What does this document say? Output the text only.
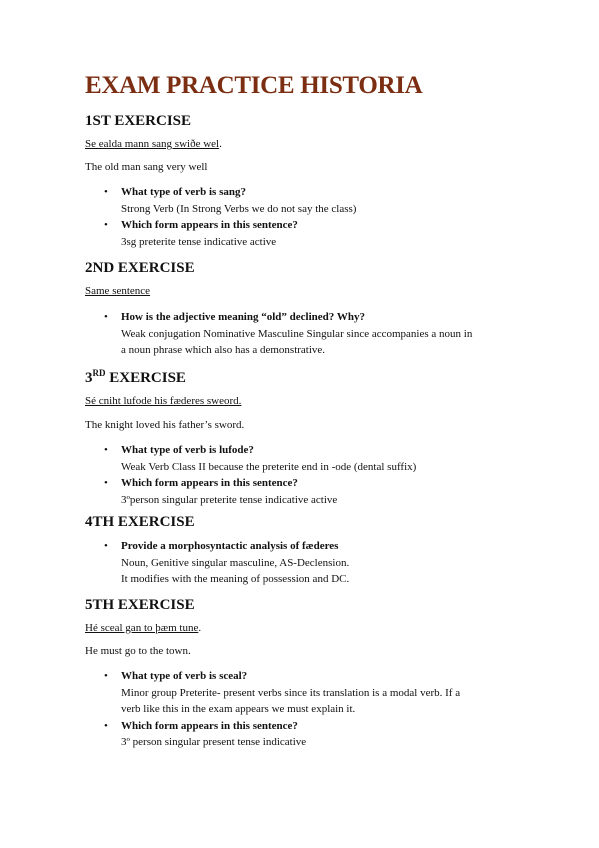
EXAM PRACTICE HISTORIA
1ST EXERCISE

Se ealda mann sang swiðe wel.

The old man sang very well

• What type of verb is sang?
Strong Verb (In Strong Verbs we do not say the class)
• Which form appears in this sentence?
3sg preterite tense indicative active
2ND EXERCISE

Same sentence

• How is the adjective meaning “old” declined? Why?
Weak conjugation Nominative Masculine Singular since accompanies a noun in
a noun phrase which also has a demonstrative.
3RD EXERCISE

Sé cniht lufode his fæderes sweord.

The knight loved his father’s sword.

• What type of verb is lufode?
Weak Verb Class II because the preterite end in -ode (dental suffix)
• Which form appears in this sentence?
3ºperson singular preterite tense indicative active
4TH EXERCISE
• Provide a morphosyntactic analysis of fæderes
Noun, Genitive singular masculine, AS-Declension.
It modifies with the meaning of possession and DC.
5TH EXERCISE

Hé sceal gan to þæm tune.

He must go to the town.

• What type of verb is sceal?
Minor group Preterite- present verbs since its translation is a modal verb. If a
verb like this in the exam appears we must explain it.
• Which form appears in this sentence?
3º person singular present tense indicative
